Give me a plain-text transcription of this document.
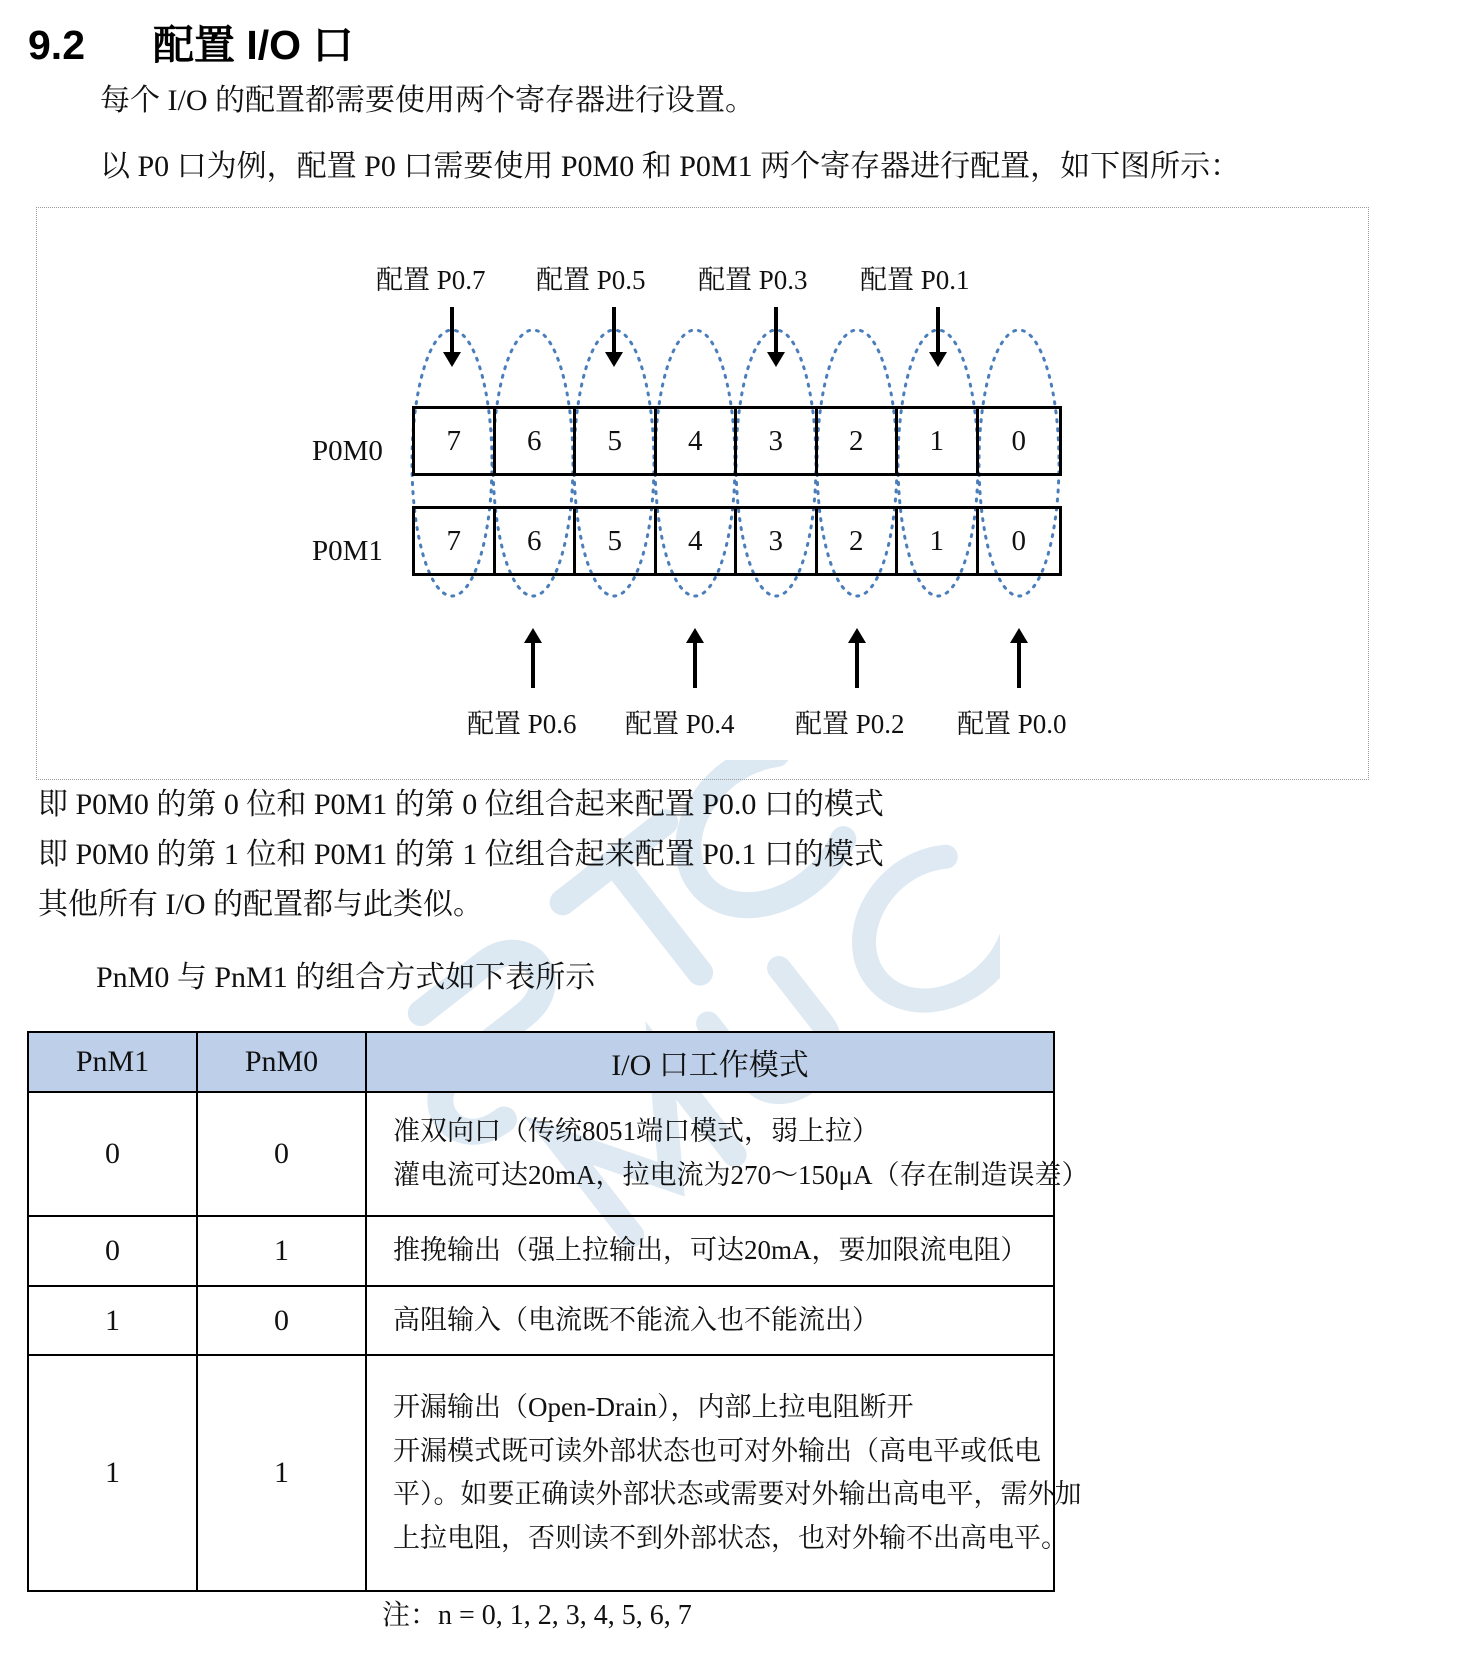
9.2	配置 I/O 口
每个 I/O 的配置都需要使用两个寄存器进行设置。
以 P0 口为例，配置 P0 口需要使用 P0M0 和 P0M1 两个寄存器进行配置，如下图所示：
配置 P0.7 配置 P0.5 配置 P0.3 配置 P0.1
P0M0	7	6	5	4	3	2	1	0
P0M1	7	6	5	4	3	2	1	0
配置 P0.6 配置 P0.4 配置 P0.2 配置 P0.0
即 P0M0 的第 0 位和 P0M1 的第 0 位组合起来配置 P0.0 口的模式
即 P0M0 的第 1 位和 P0M1 的第 1 位组合起来配置 P0.1 口的模式
其他所有 I/O 的配置都与此类似。
PnM0 与 PnM1 的组合方式如下表所示
PnM1	PnM0	I/O 口工作模式
0	0	准双向口（传统8051端口模式，弱上拉）
灌电流可达20mA，拉电流为270～150μA（存在制造误差）

0	1	推挽输出（强上拉输出，可达20mA，要加限流电阻）

1	0	高阻输入（电流既不能流入也不能流出）

1	1	开漏输出（Open-Drain），内部上拉电阻断开
开漏模式既可读外部状态也可对外输出（高电平或低电
平）。如要正确读外部状态或需要对外输出高电平，需外加
上拉电阻，否则读不到外部状态，也对外输不出高电平。
注：n = 0, 1, 2, 3, 4, 5, 6, 7
